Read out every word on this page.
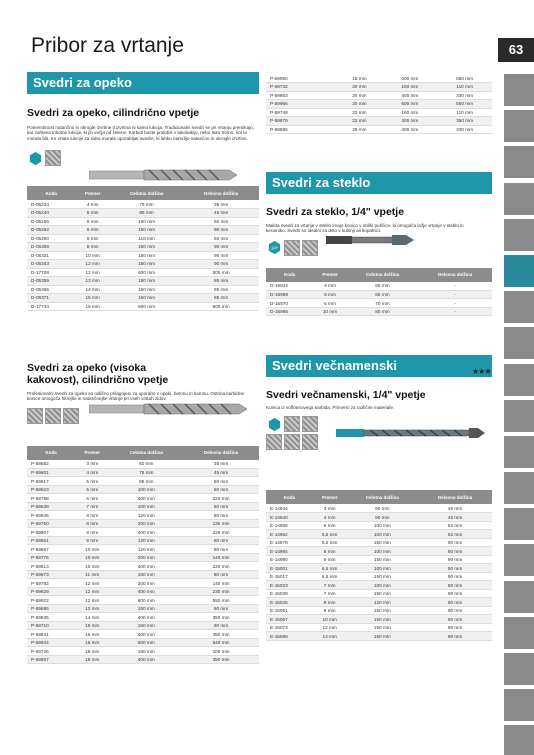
Pribor za vrtanje	63
Svedri za opeko
Svedri za opeko, cilindrično vpetje
Pomembnost natančno in okrogle izvrtine tl izvrtina ni samo lukcija. Tradicionalni svedri se pri vrtanju premikajo, kar zahteva trikotne lukcije, ki jih večja od želene. Karbidi boste pridobili v takoliakijo, nebo tako tromo, kot bi morala biti. Ko vrtate lukcije za sidra morate uporabljati svedre, ki lahko naredijo natančno in okroglo izvrtino.
Koda	Premer	Celotna dolžina	Delovna dolžina
D-05234	4 mm	75 mm	35 mm
D-05240	5 mm	85 mm	45 mm
D-05256	6 mm	100 mm	60 mm
D-05262	6 mm	150 mm	90 mm
D-05290	8 mm	110 mm	60 mm
D-05309	8 mm	150 mm	90 mm
D-05321	10 mm	150 mm	90 mm
D-05343	12 mm	150 mm	90 mm
D-17728	12 mm	600 mm	505 mm
D-05359	13 mm	150 mm	85 mm
D-05365	14 mm	150 mm	85 mm
D-05371	15 mm	150 mm	85 mm
D-17734	16 mm	600 mm	505 mm
Svedri za opeko (visoka
kakovost), cilindrično vpetje
Profesionalni svedri za opeko so odlično prilagojeni za uporabo v opeki, betonu in kamnu. Ostrina karbidne konice omogoča hitrejše in natančnejše vrtanje pri vseh vrstah zidov.
Koda	Premer	Celotna dolžina	Delovna dolžina
P-59582	3 mm	60 mm	35 mm
P-59601	4 mm	75 mm	45 mm
P-59617	5 mm	85 mm	50 mm
P-59623	6 mm	100 mm	60 mm
P-59798	6 mm	400 mm	220 mm
P-59639	7 mm	100 mm	60 mm
P-59645	8 mm	120 mm	80 mm
P-59760	8 mm	200 mm	136 mm
P-59807	8 mm	400 mm	226 mm
P-59651	9 mm	120 mm	80 mm
P-59667	10 mm	120 mm	80 mm
P-59776	10 mm	200 mm	140 mm
P-59813	10 mm	400 mm	220 mm
P-59673	11 mm	150 mm	80 mm
P-59782	12 mm	200 mm	140 mm
P-59829	12 mm	400 mm	230 mm
P-59922	12 mm	600 mm	550 mm
P-59695	13 mm	150 mm	90 mm
P-59835	14 mm	400 mm	350 mm
P-59710	15 mm	150 mm	90 mm
P-59841	16 mm	400 mm	350 mm
P-59944	16 mm	600 mm	540 mm
P-59726	18 mm	160 mm	100 mm
P-59857	18 mm	400 mm	350 mm
P-59950	18 mm	600 mm	550 mm
P-59732	20 mm	160 mm	110 mm
P-59863	20 mm	400 mm	330 mm
P-59966	20 mm	600 mm	550 mm
P-59748	22 mm	160 mm	110 mm
P-59879	22 mm	400 mm	350 mm
P-59885	25 mm	400 mm	330 mm
Svedri za steklo
Svedri za steklo, 1/4" vpetje
Makita svedri za vrtanje v steklo imajo konico v obliki puščice, ki omogoča lažje vrtanje v steklo in keramiko. Svedri so idealni za delo v kuhinji ali kopalnici.
1/4"
Koda	Premer	Celotna dolžina	Delovna dolžina
D-15942	4 mm	65 mm	-
D-15958	5 mm	65 mm	-
D-15970	6 mm	70 mm	-
D-15986	10 mm	80 mm	-
Svedri večnamenski
Svedri večnamenski, 1/4" vpetje
Konica iz volframovega karbida. Primerni za različne materiale.
Koda	Premer	Celotna dolžina	Delovna dolžina
E-14934	3 mm	90 mm	45 mm
E-14940	4 mm	90 mm	45 mm
E-14956	5 mm	100 mm	52 mm
E-14962	5,5 mm	100 mm	52 mm
E-14978	5,5 mm	150 mm	90 mm
E-14984	6 mm	100 mm	50 mm
E-14990	6 mm	150 mm	90 mm
E-15001	6,5 mm	100 mm	50 mm
E-15017	6,5 mm	150 mm	90 mm
E-15023	7 mm	100 mm	50 mm
E-15039	7 mm	150 mm	90 mm
E-15045	8 mm	120 mm	60 mm
E-15051	8 mm	150 mm	90 mm
E-15067	10 mm	150 mm	90 mm
E-15073	12 mm	150 mm	90 mm
E-15089	13 mm	150 mm	90 mm
★★★
